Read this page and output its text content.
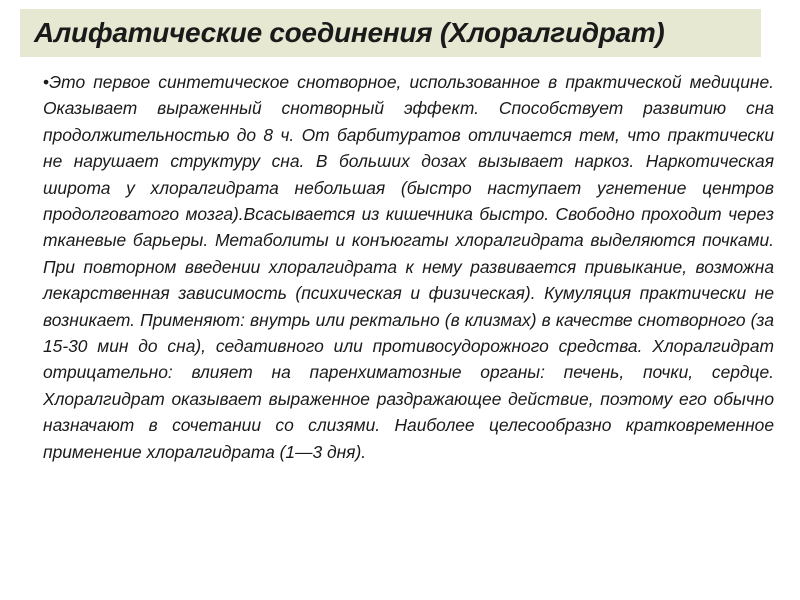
Алифатические соединения (Хлоралгидрат)

•Это первое синтетическое снотворное, использованное в практической медицине. Оказывает выраженный снотворный эффект. Способствует развитию сна продолжительностью до 8 ч. От барбитуратов отличается тем, что практически не нарушает структуру сна. В больших дозах вызывает наркоз. Наркотическая широта у хлоралгидрата небольшая (быстро наступает угнетение центров продолговатого мозга).Всасывается из кишечника быстро. Свободно проходит через тканевые барьеры. Метаболиты и конъюгаты хлоралгидрата выделяются почками. При повторном введении хлоралгидрата к нему развивается привыкание, возможна лекарственная зависимость (психическая и физическая). Кумуляция практически не возникает. Применяют: внутрь или ректально (в клизмах) в качестве снотворного (за 15-30 мин до сна), седативного или противосудорожного средства. Хлоралгидрат отрицательно: влияет на паренхиматозные органы: печень, почки, сердце. Хлоралгидрат оказывает выраженное раздражающее действие, поэтому его обычно назначают в сочетании со слизями. Наиболее целесообразно кратковременное применение хлоралгидрата (1—3 дня).
